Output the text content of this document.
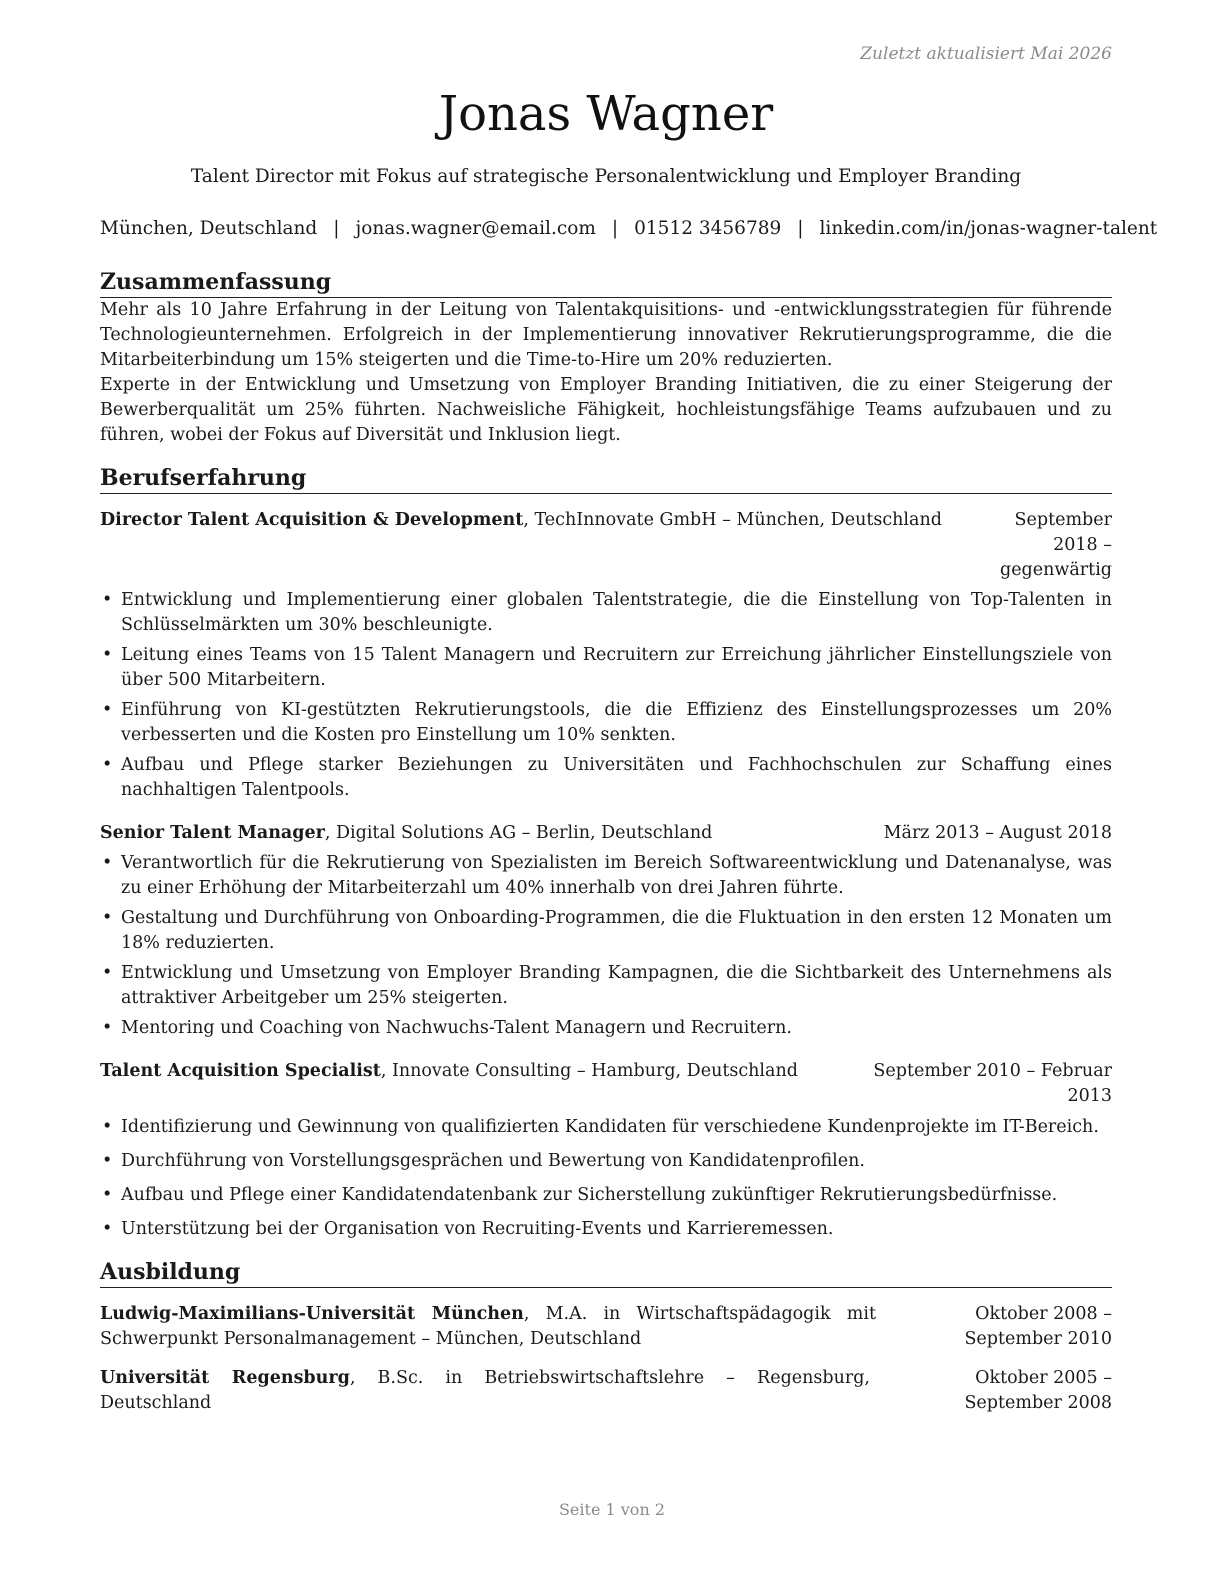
Zuletzt aktualisiert Mai 2026
Jonas Wagner
Talent Director mit Fokus auf strategische Personalentwicklung und Employer Branding
München, Deutschland | jonas.wagner@email.com | 01512 3456789 | linkedin.com/in/jonas-wagner-talent
Zusammenfassung

Mehr als 10 Jahre Erfahrung in der Leitung von Talentakquisitions- und -entwicklungsstrategien für führende Technologieunternehmen. Erfolgreich in der Implementierung innovativer Rekrutierungsprogramme, die die Mitarbeiterbindung um 15% steigerten und die Time-to-Hire um 20% reduzierten.

Experte in der Entwicklung und Umsetzung von Employer Branding Initiativen, die zu einer Steigerung der Bewerberqualität um 25% führten. Nachweisliche Fähigkeit, hochleistungsfähige Teams aufzubauen und zu führen, wobei der Fokus auf Diversität und Inklusion liegt.

Berufserfahrung
Director Talent Acquisition & Development, TechInnovate GmbH – München, Deutschland	September 2018 – gegenwärtig
• Entwicklung und Implementierung einer globalen Talentstrategie, die die Einstellung von Top-Talenten in Schlüsselmärkten um 30% beschleunigte.
• Leitung eines Teams von 15 Talent Managern und Recruitern zur Erreichung jährlicher Einstellungsziele von über 500 Mitarbeitern.
• Einführung von KI-gestützten Rekrutierungstools, die die Effizienz des Einstellungsprozesses um 20% verbesserten und die Kosten pro Einstellung um 10% senkten.
• Aufbau und Pflege starker Beziehungen zu Universitäten und Fachhochschulen zur Schaffung eines nachhaltigen Talentpools.
Senior Talent Manager, Digital Solutions AG – Berlin, Deutschland	März 2013 – August 2018
• Verantwortlich für die Rekrutierung von Spezialisten im Bereich Softwareentwicklung und Datenanalyse, was zu einer Erhöhung der Mitarbeiterzahl um 40% innerhalb von drei Jahren führte.
• Gestaltung und Durchführung von Onboarding-Programmen, die die Fluktuation in den ersten 12 Monaten um 18% reduzierten.
• Entwicklung und Umsetzung von Employer Branding Kampagnen, die die Sichtbarkeit des Unternehmens als attraktiver Arbeitgeber um 25% steigerten.
• Mentoring und Coaching von Nachwuchs-Talent Managern und Recruitern.
Talent Acquisition Specialist, Innovate Consulting – Hamburg, Deutschland	September 2010 – Februar 2013
• Identifizierung und Gewinnung von qualifizierten Kandidaten für verschiedene Kundenprojekte im IT-Bereich.
• Durchführung von Vorstellungsgesprächen und Bewertung von Kandidatenprofilen.
• Aufbau und Pflege einer Kandidatendatenbank zur Sicherstellung zukünftiger Rekrutierungsbedürfnisse.
• Unterstützung bei der Organisation von Recruiting-Events und Karrieremessen.
Ausbildung
Ludwig-Maximilians-Universität München, M.A. in Wirtschaftspädagogik mit Schwerpunkt Personalmanagement – München, Deutschland
Oktober 2008 – September 2010
Universität Regensburg, B.Sc. in Betriebswirtschaftslehre – Regensburg, Deutschland
Oktober 2005 – September 2008
Seite 1 von 2
